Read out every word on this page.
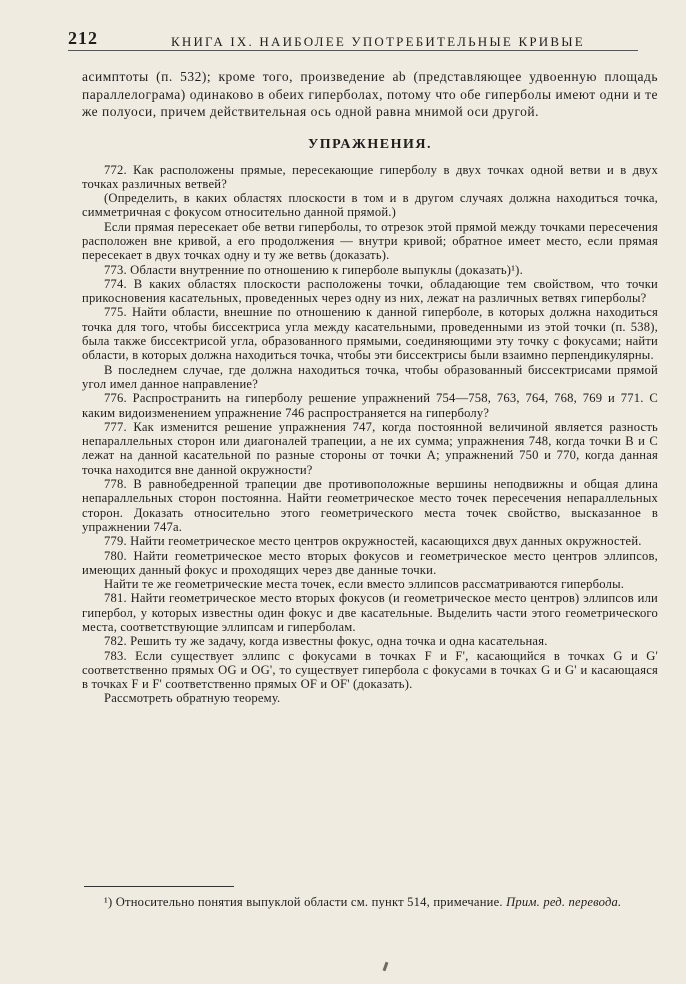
212	КНИГА IX. НАИБОЛЕЕ УПОТРЕБИТЕЛЬНЫЕ КРИВЫЕ

асимптоты (п. 532); кроме того, произведение ab (представляющее удвоенную площадь параллелограма) одинаково в обеих гиперболах, потому что обе гиперболы имеют одни и те же полуоси, причем действительная ось одной равна мнимой оси другой.

УПРАЖНЕНИЯ.

772. Как расположены прямые, пересекающие гиперболу в двух точках одной ветви и в двух точках различных ветвей?

(Определить, в каких областях плоскости в том и в другом случаях должна находиться точка, симметричная с фокусом относительно данной прямой.)

Если прямая пересекает обе ветви гиперболы, то отрезок этой прямой между точками пересечения расположен вне кривой, а его продолжения — внутри кривой; обратное имеет место, если прямая пересекает в двух точках одну и ту же ветвь (доказать).

773. Области внутренние по отношению к гиперболе выпуклы (доказать)¹).

774. В каких областях плоскости расположены точки, обладающие тем свойством, что точки прикосновения касательных, проведенных через одну из них, лежат на различных ветвях гиперболы?

775. Найти области, внешние по отношению к данной гиперболе, в которых должна находиться точка для того, чтобы биссектриса угла между касательными, проведенными из этой точки (п. 538), была также биссектрисой угла, образованного прямыми, соединяющими эту точку с фокусами; найти области, в которых должна находиться точка, чтобы эти биссектрисы были взаимно перпендикулярны.

В последнем случае, где должна находиться точка, чтобы образованный биссектрисами прямой угол имел данное направление?

776. Распространить на гиперболу решение упражнений 754—758, 763, 764, 768, 769 и 771. С каким видоизменением упражнение 746 распространяется на гиперболу?

777. Как изменится решение упражнения 747, когда постоянной величиной является разность непараллельных сторон или диагоналей трапеции, а не их сумма; упражнения 748, когда точки B и C лежат на данной касательной по разные стороны от точки A; упражнений 750 и 770, когда данная точка находится вне данной окружности?

778. В равнобедренной трапеции две противоположные вершины неподвижны и общая длина непараллельных сторон постоянна. Найти геометрическое место точек пересечения непараллельных сторон. Доказать относительно этого геометрического места точек свойство, высказанное в упражнении 747а.

779. Найти геометрическое место центров окружностей, касающихся двух данных окружностей.

780. Найти геометрическое место вторых фокусов и геометрическое место центров эллипсов, имеющих данный фокус и проходящих через две данные точки.

Найти те же геометрические места точек, если вместо эллипсов рассматриваются гиперболы.

781. Найти геометрическое место вторых фокусов (и геометрическое место центров) эллипсов или гипербол, у которых известны один фокус и две касательные. Выделить части этого геометрического места, соответствующие эллипсам и гиперболам.

782. Решить ту же задачу, когда известны фокус, одна точка и одна касательная.

783. Если существует эллипс с фокусами в точках F и F', касающийся в точках G и G' соответственно прямых OG и OG', то существует гипербола с фокусами в точках G и G' и касающаяся в точках F и F' соответственно прямых OF и OF' (доказать).

Рассмотреть обратную теорему.

¹) Относительно понятия выпуклой области см. пункт 514, примечание. Прим. ред. перевода.
